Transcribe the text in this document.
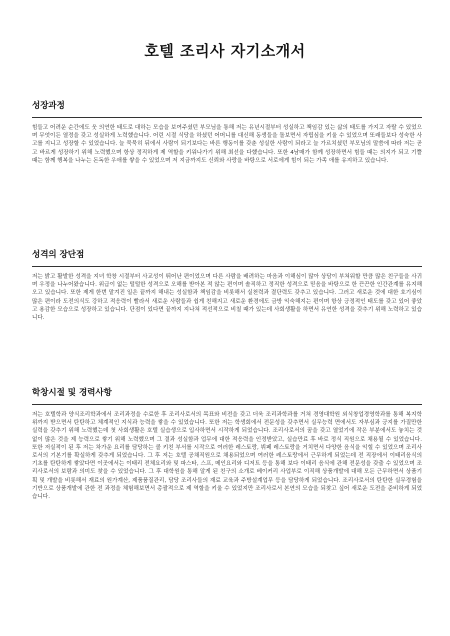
호텔 조리사 자기소개서

성장과정

힘들고 어려운 순간에도 웃 의연한 태도로 대하는 모습을 보여주셨던 부모님을 통해 저는 유년시절부터 성실하고 책임감 있는 삶의 태도를 가지고 자랄 수 있었으며 무엇이든 열정을 갖고 성실하게 노력했습니다. 어린 시절 식당을 하셨던 어머니를 대신해 동생들을 돌보면서 자립심을 키울 수 있었으며 또래들보다 성숙한 사고를 지니고 성장할 수 있었습니다. 늘 묵묵히 뒤에서 사람이 되기보다는 바른 행동이를 갖춘 성실한 사람이 되라고 늘 가르치셨던 부모님의 말씀에 따라 저는 곧고 바르게 성장하기 위해 노력했으며 항상 정직하게 제 역할을 키워나가기 위해 최선을 다했습니다. 또한 4남매가 함께 성장하면서 힘들 때는 의지가 되고 기쁠 때는 함께 행복을 나누는 돈독한 우애를 쌓을 수 있었으며 저 지금까지도 신뢰와 사랑을 바탕으로 서로에게 힘이 되는 가족 애를 유지하고 있습니다.

성격의 장단점

저는 밝고 활발한 성격을 지녀 학창 시절부터 사교성이 뛰어난 편이었으며 다른 사람을 배려하는 마음과 이해심이 많아 상담이 부쳐워할 만큼 많은 친구들을 사귀며 우정을 나누어왔습니다. 위급이 없는 털털한 성격으로 오해를 받아본 적 않는 편이며 솔직하고 정직한 성격으로 믿음을 바탕으로 한 끈끈한 인간관계를 유지해오고 있습니다. 또한 제게 한번 맡겨진 일은 끝까지 해내는 성실함과 책임감을 비롯해서 실천력과 결단력도 갖추고 있습니다. 그러고 새로운 것에 대한 호기심이 많은 편이라 도전의식도 강하고 적응력이 빨라서 새로운 사람들과 쉽게 친해지고 새로운 환경에도 금방 익숙해지는 편이며 항상 긍정적인 태도를 갖고 있어 좋았고 용감한 모습으로 성장하고 있습니다. 단점이 있다면 끝까지 지나쳐 적선적으로 비칠 때가 있는데 사회생활을 하면서 유연한 성격을 갖추기 위해 노력하고 있습니다.

학창시절 및 경력사항

저는 호텔학과 양식조리학과에서 조리과정을 수료한 후 조리사로서의 목표와 비전을 갖고 더욱 조리과학과를 거쳐 경영대학원 외식창업경영학과를 통해 복지학위까지 받으면서 탄탄하고 체계적인 지식과 능력을 쌓을 수 있었습니다. 또한 저는 학생회에서 전문성을 갖추면서 실무능력 면에서도 자부심과 긍지를 가질만한 실력을 갖추기 위해 노력했는데 첫 사회생활은 호텔 실습생으로 입사하면서 시작하게 되었습니다. 조리사로서의 꿈을 갖고 열었기에 작은 부분에서도 놓치는 것 없이 많은 것을 제 능력으로 쌓기 위해 노력했으며 그 결과 성실함과 업무에 대한 적응력을 인정받았고, 실습만료 후 바로 정식 직원으로 채용될 수 있었습니다. 또한 저실적이 된 후 저는 차가운 요리를 담당하는 콜 키친 부서를 시작으로 여러한 레스토랑, 뷔페 레스토랑을 거치면서 다양한 음식을 익힐 수 있었으며 조리사로서의 기본기를 확실하게 갖추게 되었습니다. 그 후 저는 호텔 공채직원으로 채용되었으며 여러한 레스토랑에서 근무하게 되었는데 전 직장에서 이태리음식의 기초를 탄탄하게 쌓았다면 이곳에서는 이태리 전체요리와 및 파스타, 스프, 메인요리와 디저트 등을 통해 보다 이태리 음식에 관해 전문성을 갖출 수 있었으며 조리사로서의 보람과 의미도 찾을 수 있었습니다. 그 후 대학원을 통해 알게 된 친구의 소개로 베이커리 사업부로 이직해 상품개발에 대해 모든 근무하면서 상품기획 및 개발을 비롯해서 재료의 원가계산, 제품품질관리, 담당 조리사들의 재료 교육과 주방설계업무 등을 담당하게 되었습니다. 조리사로서의 탄탄한 실무경험을 기반으로 상품개발에 관한 전 과정을 체험해보면서 총괄적으로 제 역할을 키울 수 있었지만 조리사로서 본연의 모습을 되찾고 싶어 새로운 도전을 준비하게 되었습니다.
